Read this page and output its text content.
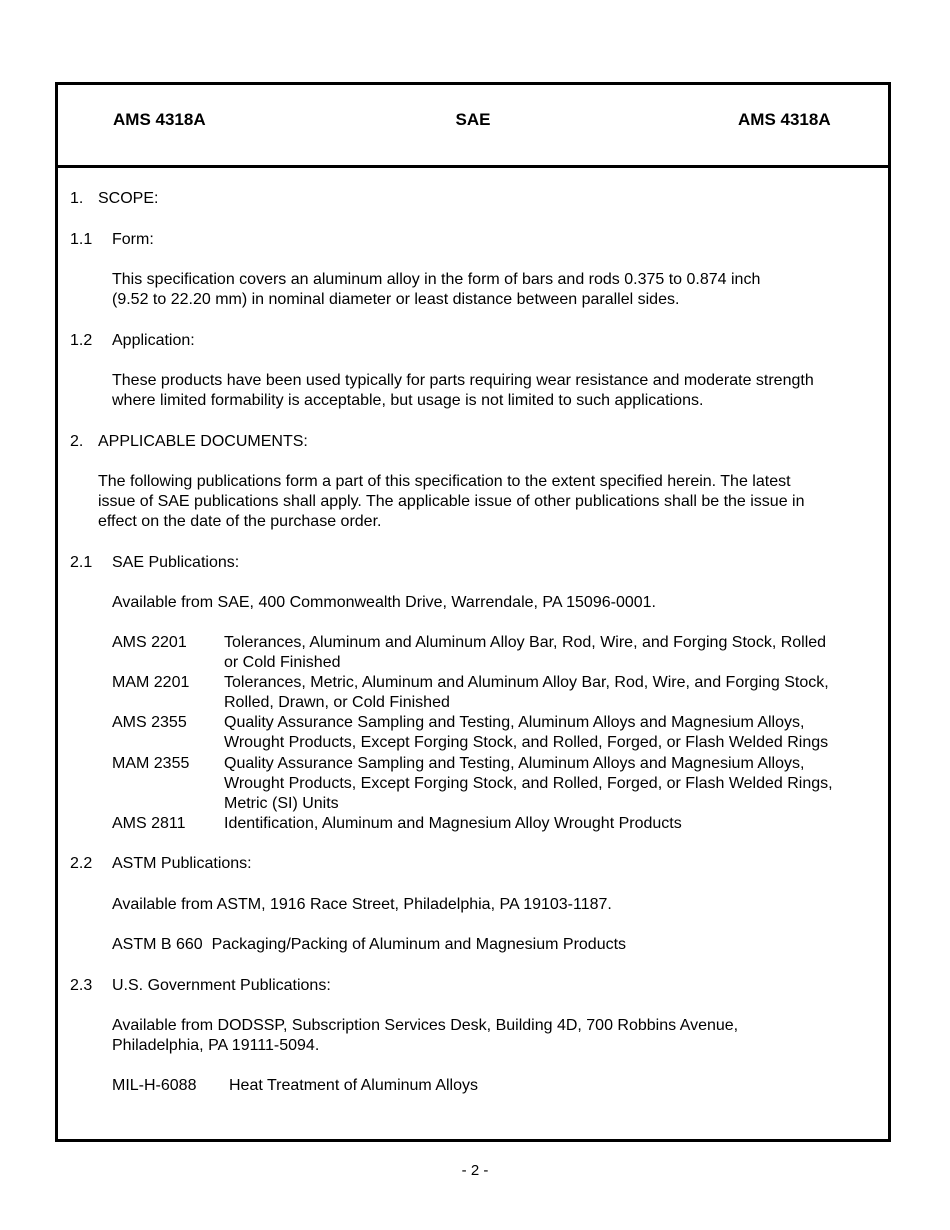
AMS 4318A	SAE	AMS 4318A
1. SCOPE:
1.1 Form:
This specification covers an aluminum alloy in the form of bars and rods 0.375 to 0.874 inch
(9.52 to 22.20 mm) in nominal diameter or least distance between parallel sides.
1.2 Application:
These products have been used typically for parts requiring wear resistance and moderate strength
where limited formability is acceptable, but usage is not limited to such applications.
2. APPLICABLE DOCUMENTS:
The following publications form a part of this specification to the extent specified herein. The latest
issue of SAE publications shall apply. The applicable issue of other publications shall be the issue in
effect on the date of the purchase order.
2.1 SAE Publications:
Available from SAE, 400 Commonwealth Drive, Warrendale, PA 15096-0001.
AMS 2201 Tolerances, Aluminum and Aluminum Alloy Bar, Rod, Wire, and Forging Stock, Rolled
or Cold Finished
MAM 2201 Tolerances, Metric, Aluminum and Aluminum Alloy Bar, Rod, Wire, and Forging Stock,
Rolled, Drawn, or Cold Finished
AMS 2355 Quality Assurance Sampling and Testing, Aluminum Alloys and Magnesium Alloys,
Wrought Products, Except Forging Stock, and Rolled, Forged, or Flash Welded Rings
MAM 2355 Quality Assurance Sampling and Testing, Aluminum Alloys and Magnesium Alloys,
Wrought Products, Except Forging Stock, and Rolled, Forged, or Flash Welded Rings,
Metric (SI) Units
AMS 2811 Identification, Aluminum and Magnesium Alloy Wrought Products
2.2 ASTM Publications:
Available from ASTM, 1916 Race Street, Philadelphia, PA 19103-1187.
ASTM B 660  Packaging/Packing of Aluminum and Magnesium Products
2.3 U.S. Government Publications:
Available from DODSSP, Subscription Services Desk, Building 4D, 700 Robbins Avenue,
Philadelphia, PA 19111-5094.
MIL-H-6088 Heat Treatment of Aluminum Alloys
- 2 -
